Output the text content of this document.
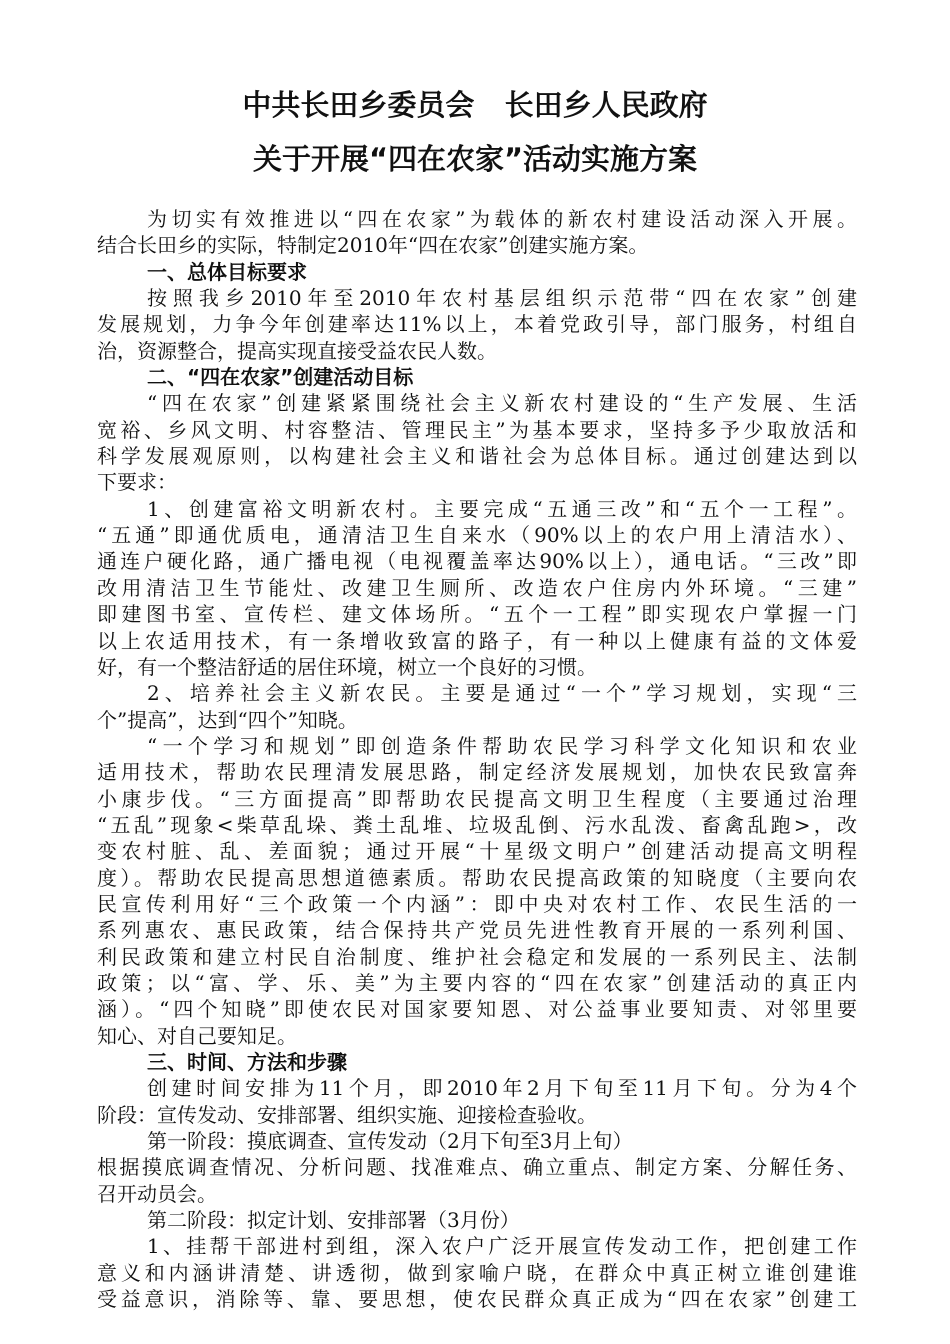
中共长田乡委员会   长田乡人民政府
关于开展“四在农家”活动实施方案
为切实有效推进以“四在农家”为载体的新农村建设活动深入开展。
结合长田乡的实际，特制定2010年“四在农家”创建实施方案。
一、总体目标要求
按照我乡2010年至2010年农村基层组织示范带“四在农家”创建
发展规划，力争今年创建率达11%以上，本着党政引导，部门服务，村组自
治，资源整合，提高实现直接受益农民人数。
二、“四在农家”创建活动目标
“四在农家”创建紧紧围绕社会主义新农村建设的“生产发展、生活
宽裕、乡风文明、村容整洁、管理民主”为基本要求，坚持多予少取放活和
科学发展观原则，以构建社会主义和谐社会为总体目标。通过创建达到以
下要求：
1、创建富裕文明新农村。主要完成“五通三改”和“五个一工程”。
“五通”即通优质电，通清洁卫生自来水（90%以上的农户用上清洁水）、
通连户硬化路，通广播电视（电视覆盖率达90%以上），通电话。“三改”即
改用清洁卫生节能灶、改建卫生厕所、改造农户住房内外环境。“三建”
即建图书室、宣传栏、建文体场所。“五个一工程”即实现农户掌握一门
以上农适用技术，有一条增收致富的路子，有一种以上健康有益的文体爱
好，有一个整洁舒适的居住环境，树立一个良好的习惯。
2、培养社会主义新农民。主要是通过“一个”学习规划，实现“三
个”提高”，达到“四个”知晓。
“一个学习和规划”即创造条件帮助农民学习科学文化知识和农业
适用技术，帮助农民理清发展思路，制定经济发展规划，加快农民致富奔
小康步伐。“三方面提高”即帮助农民提高文明卫生程度（主要通过治理
“五乱”现象<柴草乱垛、粪土乱堆、垃圾乱倒、污水乱泼、畜禽乱跑>，改
变农村脏、乱、差面貌；通过开展“十星级文明户”创建活动提高文明程
度）。帮助农民提高思想道德素质。帮助农民提高政策的知晓度（主要向农
民宣传利用好“三个政策一个内涵”：即中央对农村工作、农民生活的一
系列惠农、惠民政策，结合保持共产党员先进性教育开展的一系列利国、
利民政策和建立村民自治制度、维护社会稳定和发展的一系列民主、法制
政策；以“富、学、乐、美”为主要内容的“四在农家”创建活动的真正内
涵）。“四个知晓”即使农民对国家要知恩、对公益事业要知责、对邻里要
知心、对自己要知足。
三、时间、方法和步骤
创建时间安排为11个月，即2010年2月下旬至11月下旬。分为4个
阶段：宣传发动、安排部署、组织实施、迎接检查验收。
第一阶段：摸底调查、宣传发动（2月下旬至3月上旬）
根据摸底调查情况、分析问题、找准难点、确立重点、制定方案、分解任务、
召开动员会。
第二阶段：拟定计划、安排部署（3月份）
1、挂帮干部进村到组，深入农户广泛开展宣传发动工作，把创建工作
意义和内涵讲清楚、讲透彻，做到家喻户晓，在群众中真正树立谁创建谁
受益意识，消除等、靠、要思想，使农民群众真正成为“四在农家”创建工
